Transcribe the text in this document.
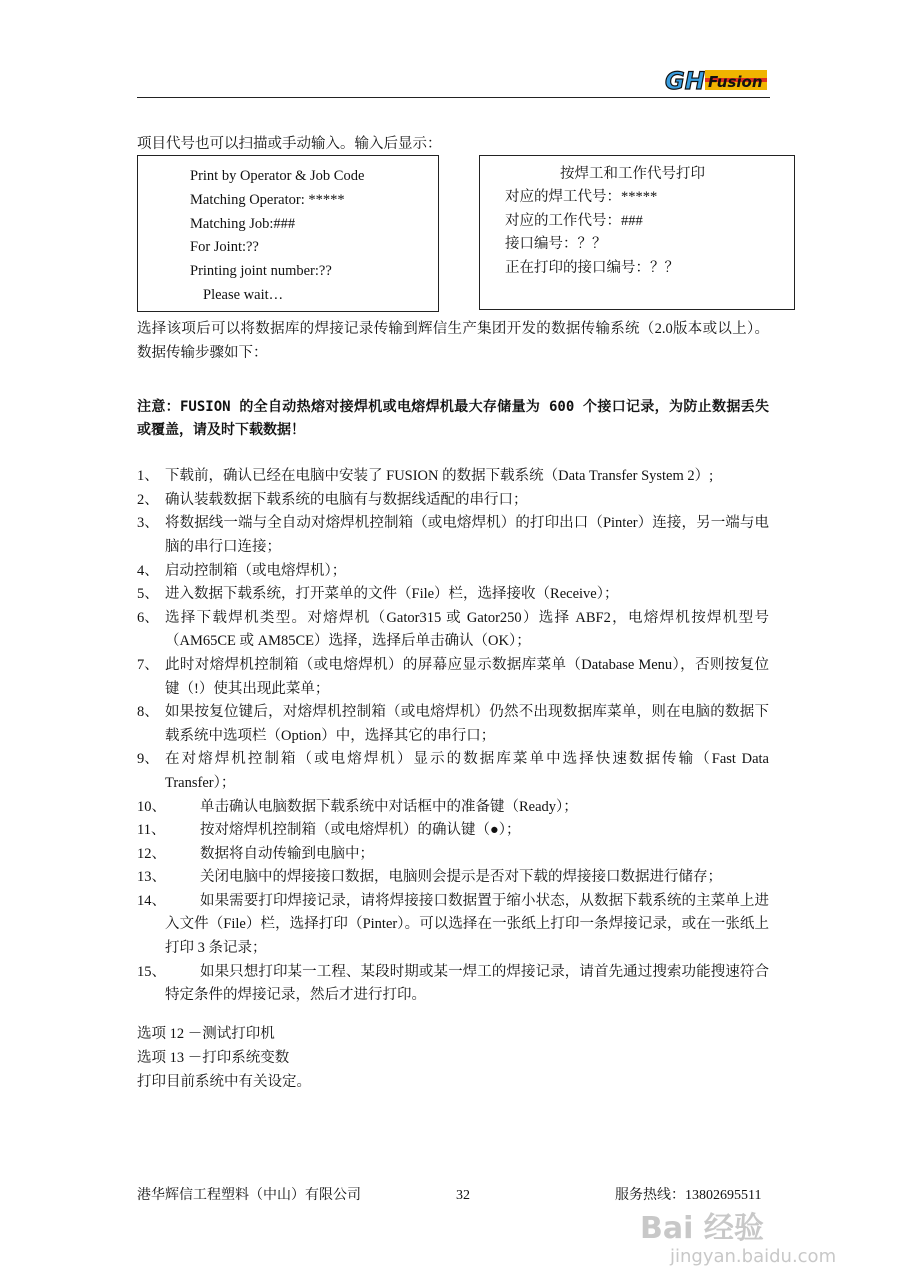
GH Fusion
项目代号也可以扫描或手动输入。输入后显示：
Print by Operator & Job Code
Matching Operator: *****
Matching Job:###
For Joint:??
Printing joint number:??
Please wait…
按焊工和工作代号打印
对应的焊工代号：*****
对应的工作代号：###
接口编号：？？
正在打印的接口编号：？？
选择该项后可以将数据库的焊接记录传输到辉信生产集团开发的数据传输系统（2.0版本或以上）。数据传输步骤如下：
注意：FUSION 的全自动热熔对接焊机或电熔焊机最大存储量为 600 个接口记录，为防止数据丢失或覆盖，请及时下载数据！
1、 下载前，确认已经在电脑中安装了 FUSION 的数据下载系统（Data Transfer System 2）;
2、 确认装载数据下载系统的电脑有与数据线适配的串行口；
3、 将数据线一端与全自动对熔焊机控制箱（或电熔焊机）的打印出口（Pinter）连接，另一端与电脑的串行口连接；
4、 启动控制箱（或电熔焊机）；
5、 进入数据下载系统，打开菜单的文件（File）栏，选择接收（Receive）；
6、 选择下载焊机类型。对熔焊机（Gator315 或 Gator250）选择 ABF2，电熔焊机按焊机型号（AM65CE 或 AM85CE）选择，选择后单击确认（OK）；
7、 此时对熔焊机控制箱（或电熔焊机）的屏幕应显示数据库菜单（Database Menu），否则按复位键（!）使其出现此菜单；
8、 如果按复位键后，对熔焊机控制箱（或电熔焊机）仍然不出现数据库菜单，则在电脑的数据下载系统中选项栏（Option）中，选择其它的串行口；
9、 在对熔焊机控制箱（或电熔焊机）显示的数据库菜单中选择快速数据传输（Fast Data Transfer）；
10、 单击确认电脑数据下载系统中对话框中的准备键（Ready）；
11、 按对熔焊机控制箱（或电熔焊机）的确认键（●）；
12、 数据将自动传输到电脑中；
13、 关闭电脑中的焊接接口数据，电脑则会提示是否对下载的焊接接口数据进行储存；
14、 如果需要打印焊接记录，请将焊接接口数据置于缩小状态，从数据下载系统的主菜单上进入文件（File）栏，选择打印（Pinter）。可以选择在一张纸上打印一条焊接记录，或在一张纸上打印 3 条记录；
15、 如果只想打印某一工程、某段时期或某一焊工的焊接记录，请首先通过搜索功能搜速符合特定条件的焊接记录，然后才进行打印。
选项 12 －测试打印机
选项 13 －打印系统变数
打印目前系统中有关设定。
港华辉信工程塑料（中山）有限公司	32	服务热线：13802695511
Bai 经验
jingyan.baidu.com
